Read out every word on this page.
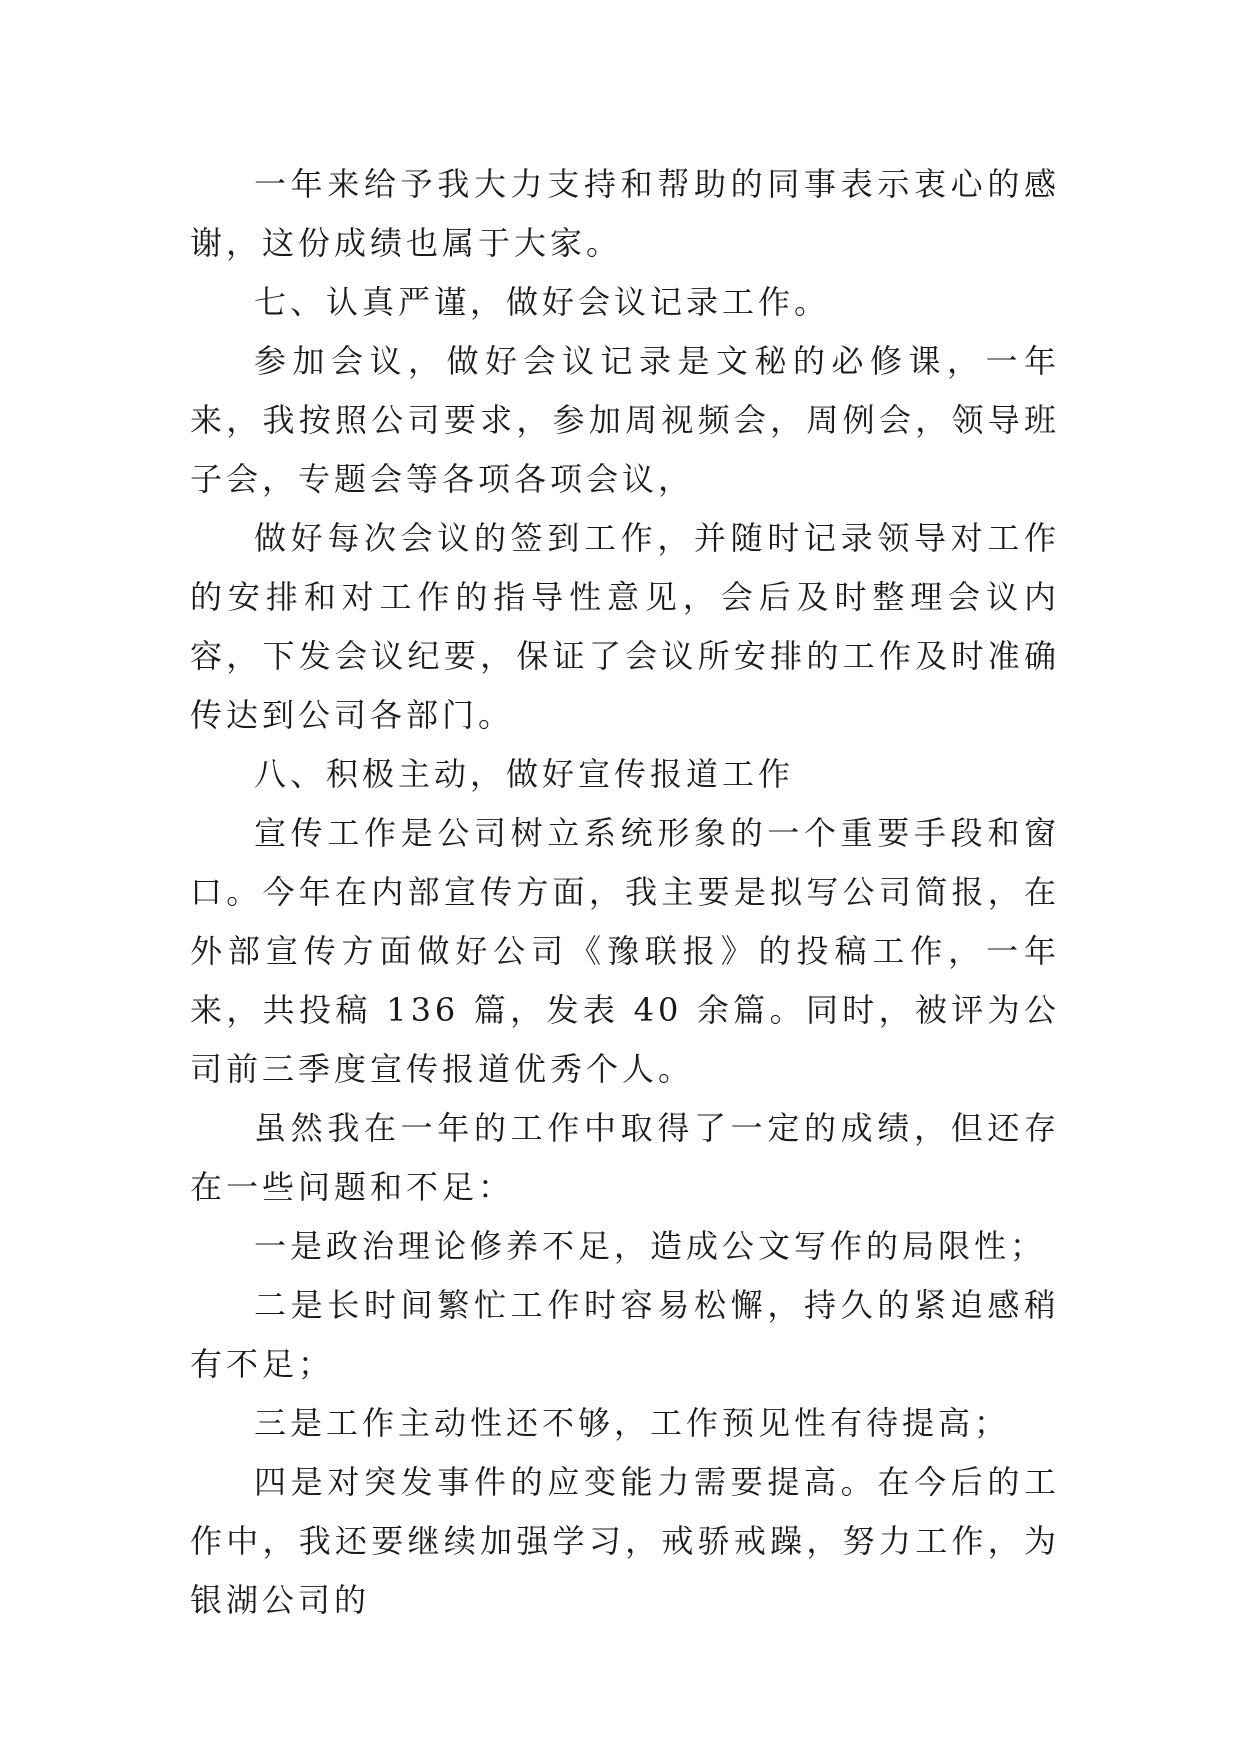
一年来给予我大力支持和帮助的同事表示衷心的感谢，这份成绩也属于大家。

七、认真严谨，做好会议记录工作。

参加会议，做好会议记录是文秘的必修课，一年来，我按照公司要求，参加周视频会，周例会，领导班子会，专题会等各项各项会议，

做好每次会议的签到工作，并随时记录领导对工作的安排和对工作的指导性意见，会后及时整理会议内容，下发会议纪要，保证了会议所安排的工作及时准确传达到公司各部门。

八、积极主动，做好宣传报道工作

宣传工作是公司树立系统形象的一个重要手段和窗口。今年在内部宣传方面，我主要是拟写公司简报，在外部宣传方面做好公司《豫联报》的投稿工作，一年来，共投稿 136 篇，发表 40 余篇。同时，被评为公司前三季度宣传报道优秀个人。

虽然我在一年的工作中取得了一定的成绩，但还存在一些问题和不足：

一是政治理论修养不足，造成公文写作的局限性；

二是长时间繁忙工作时容易松懈，持久的紧迫感稍有不足；

三是工作主动性还不够，工作预见性有待提高；

四是对突发事件的应变能力需要提高。在今后的工作中，我还要继续加强学习，戒骄戒躁，努力工作，为银湖公司的
